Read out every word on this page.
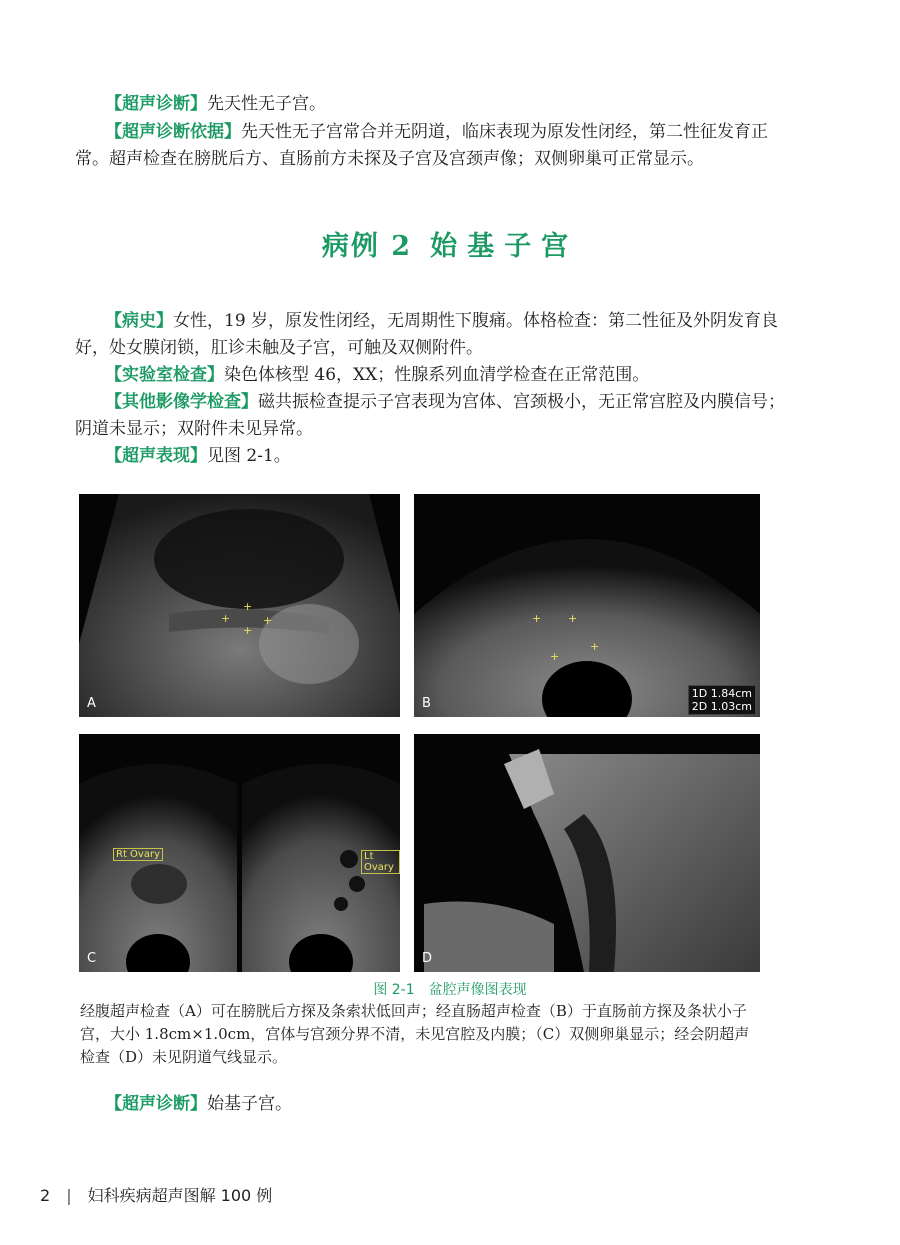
【超声诊断】先天性无子宫。

【超声诊断依据】先天性无子宫常合并无阴道，临床表现为原发性闭经，第二性征发育正常。超声检查在膀胱后方、直肠前方未探及子宫及宫颈声像；双侧卵巢可正常显示。

病例 2 始基子宫

【病史】女性，19 岁，原发性闭经，无周期性下腹痛。体格检查：第二性征及外阴发育良好，处女膜闭锁，肛诊未触及子宫，可触及双侧附件。

【实验室检查】染色体核型 46，XX；性腺系列血清学检查在正常范围。

【其他影像学检查】磁共振检查提示子宫表现为宫体、宫颈极小，无正常宫腔及内膜信号；阴道未显示；双附件未见异常。

【超声表现】见图 2-1。

+
+
+
+
A
+ +
+
+
B
1D 1.84cm
2D 1.03cm
Rt Ovary	Lt Ovary
C	D
图 2-1　盆腔声像图表现
经腹超声检查（A）可在膀胱后方探及条索状低回声；经直肠超声检查（B）于直肠前方探及条状小子宫，大小 1.8cm×1.0cm，宫体与宫颈分界不清，未见宫腔及内膜；（C）双侧卵巢显示；经会阴超声检查（D）未见阴道气线显示。

【超声诊断】始基子宫。

2 | 妇科疾病超声图解 100 例
